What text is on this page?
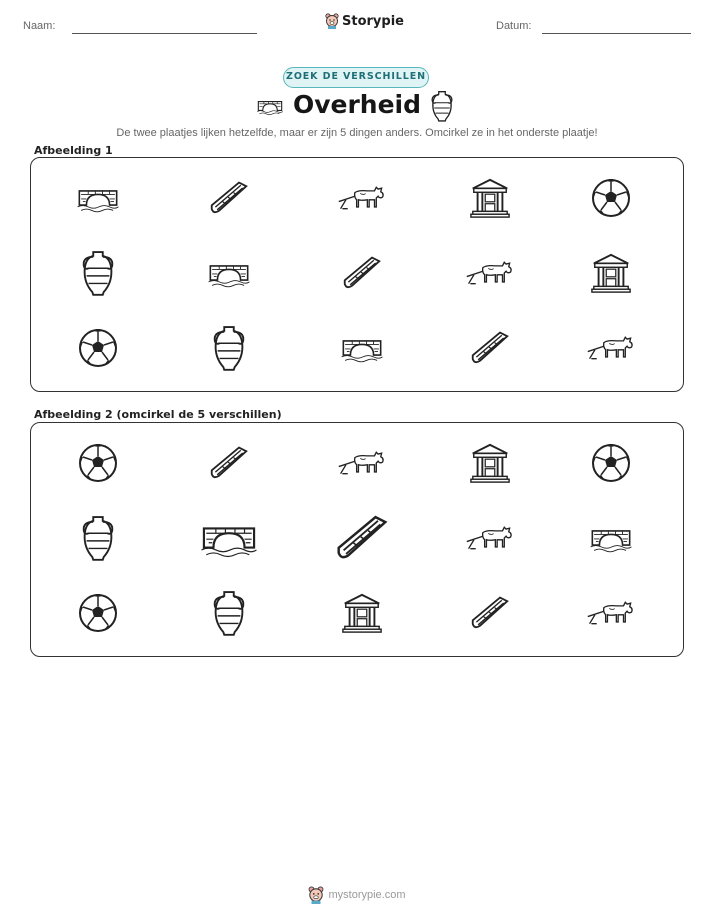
Naam:	Storypie	Datum:
ZOEK DE VERSCHILLEN
Overheid
De twee plaatjes lijken hetzelfde, maar er zijn 5 dingen anders. Omcirkel ze in het onderste plaatje!
Afbeelding 1
Afbeelding 2 (omcirkel de 5 verschillen)
mystorypie.com
